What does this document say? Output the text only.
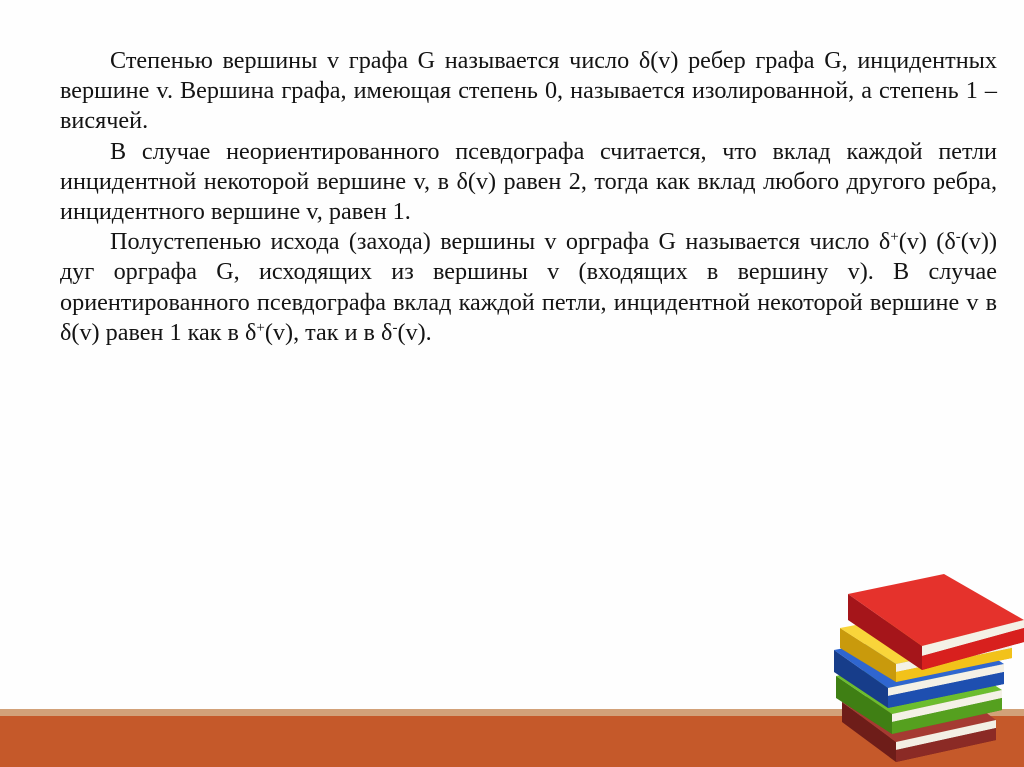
Степенью вершины v графа G называется число δ(v) ребер графа G, инцидентных вершине v. Вершина графа, имеющая степень 0, называется изолированной, а степень 1 – висячей.

В случае неориентированного псевдографа считается, что вклад каждой петли инцидентной некоторой вершине v, в δ(v) равен 2, тогда как вклад любого другого ребра, инцидентного вершине v, равен 1.

Полустепенью исхода (захода) вершины v орграфа G называется число δ+(v) (δ-(v)) дуг орграфа G, исходящих из вершины v (входящих в вершину v). В случае ориентированного псевдографа вклад каждой петли, инцидентной некоторой вершине v в δ(v) равен 1 как в δ+(v), так и в δ-(v).
